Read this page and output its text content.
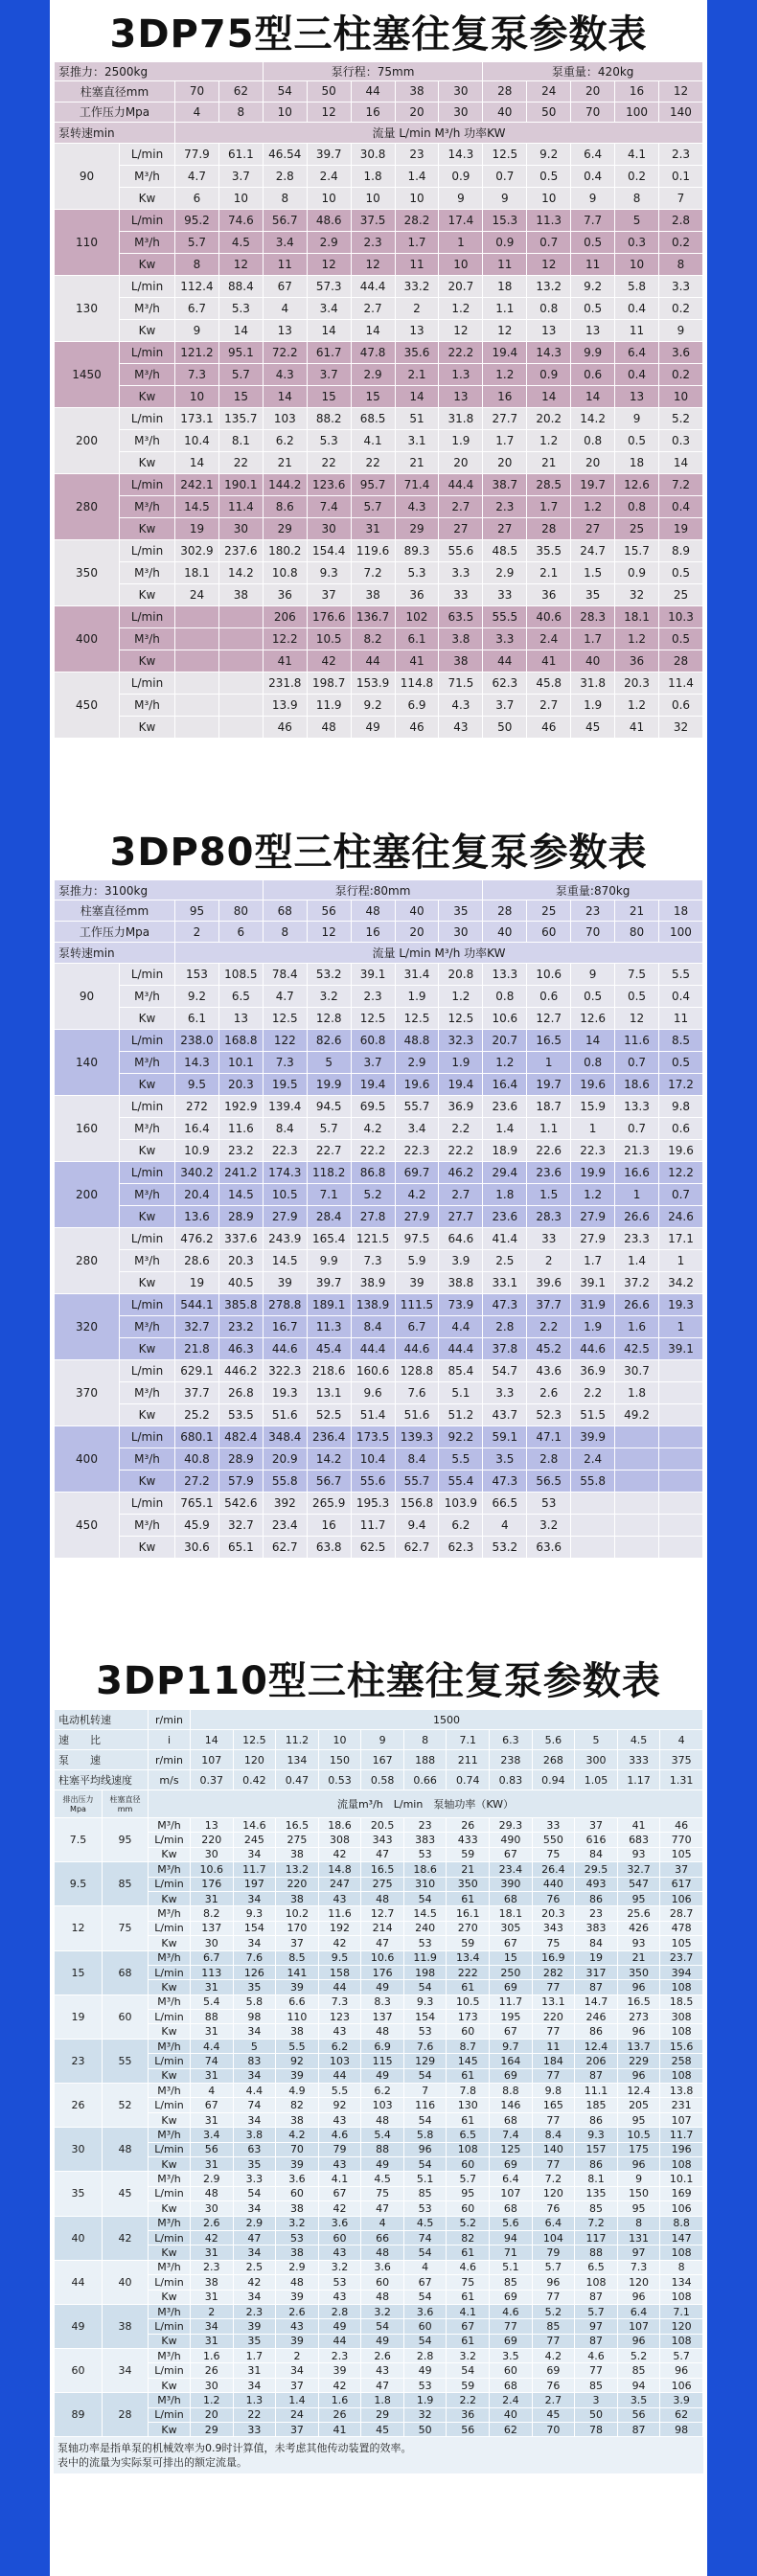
3DP75型三柱塞往复泵参数表
泵推力：2500kg				泵行程：75mm					泵重量：420kg				
柱塞直径mm		70	62	54	50	44	38	30	28	24	20	16	12
工作压力Mpa		4	8	10	12	16	20	30	40	50	70	100	140
泵转速min		流量 L/min M³/h 功率KW											
90	L/min	77.9	61.1	46.54	39.7	30.8	23	14.3	12.5	9.2	6.4	4.1	2.3
	M³/h	4.7	3.7	2.8	2.4	1.8	1.4	0.9	0.7	0.5	0.4	0.2	0.1
	Kw	6	10	8	10	10	10	9	9	10	9	8	7
110	L/min	95.2	74.6	56.7	48.6	37.5	28.2	17.4	15.3	11.3	7.7	5	2.8
	M³/h	5.7	4.5	3.4	2.9	2.3	1.7	1	0.9	0.7	0.5	0.3	0.2
	Kw	8	12	11	12	12	11	10	11	12	11	10	8
130	L/min	112.4	88.4	67	57.3	44.4	33.2	20.7	18	13.2	9.2	5.8	3.3
	M³/h	6.7	5.3	4	3.4	2.7	2	1.2	1.1	0.8	0.5	0.4	0.2
	Kw	9	14	13	14	14	13	12	12	13	13	11	9
1450	L/min	121.2	95.1	72.2	61.7	47.8	35.6	22.2	19.4	14.3	9.9	6.4	3.6
	M³/h	7.3	5.7	4.3	3.7	2.9	2.1	1.3	1.2	0.9	0.6	0.4	0.2
	Kw	10	15	14	15	15	14	13	16	14	14	13	10
200	L/min	173.1	135.7	103	88.2	68.5	51	31.8	27.7	20.2	14.2	9	5.2
	M³/h	10.4	8.1	6.2	5.3	4.1	3.1	1.9	1.7	1.2	0.8	0.5	0.3
	Kw	14	22	21	22	22	21	20	20	21	20	18	14
280	L/min	242.1	190.1	144.2	123.6	95.7	71.4	44.4	38.7	28.5	19.7	12.6	7.2
	M³/h	14.5	11.4	8.6	7.4	5.7	4.3	2.7	2.3	1.7	1.2	0.8	0.4
	Kw	19	30	29	30	31	29	27	27	28	27	25	19
350	L/min	302.9	237.6	180.2	154.4	119.6	89.3	55.6	48.5	35.5	24.7	15.7	8.9
	M³/h	18.1	14.2	10.8	9.3	7.2	5.3	3.3	2.9	2.1	1.5	0.9	0.5
	Kw	24	38	36	37	38	36	33	33	36	35	32	25
400	L/min			206	176.6	136.7	102	63.5	55.5	40.6	28.3	18.1	10.3
	M³/h			12.2	10.5	8.2	6.1	3.8	3.3	2.4	1.7	1.2	0.5
	Kw			41	42	44	41	38	44	41	40	36	28
450	L/min			231.8	198.7	153.9	114.8	71.5	62.3	45.8	31.8	20.3	11.4
	M³/h			13.9	11.9	9.2	6.9	4.3	3.7	2.7	1.9	1.2	0.6
	Kw			46	48	49	46	43	50	46	45	41	32
3DP80型三柱塞往复泵参数表
泵推力：3100kg				泵行程:80mm					泵重量:870kg				
柱塞直径mm		95	80	68	56	48	40	35	28	25	23	21	18
工作压力Mpa		2	6	8	12	16	20	30	40	60	70	80	100
泵转速min		流量 L/min M³/h 功率KW											
90	L/min	153	108.5	78.4	53.2	39.1	31.4	20.8	13.3	10.6	9	7.5	5.5
	M³/h	9.2	6.5	4.7	3.2	2.3	1.9	1.2	0.8	0.6	0.5	0.5	0.4
	Kw	6.1	13	12.5	12.8	12.5	12.5	12.5	10.6	12.7	12.6	12	11
140	L/min	238.0	168.8	122	82.6	60.8	48.8	32.3	20.7	16.5	14	11.6	8.5
	M³/h	14.3	10.1	7.3	5	3.7	2.9	1.9	1.2	1	0.8	0.7	0.5
	Kw	9.5	20.3	19.5	19.9	19.4	19.6	19.4	16.4	19.7	19.6	18.6	17.2
160	L/min	272	192.9	139.4	94.5	69.5	55.7	36.9	23.6	18.7	15.9	13.3	9.8
	M³/h	16.4	11.6	8.4	5.7	4.2	3.4	2.2	1.4	1.1	1	0.7	0.6
	Kw	10.9	23.2	22.3	22.7	22.2	22.3	22.2	18.9	22.6	22.3	21.3	19.6
200	L/min	340.2	241.2	174.3	118.2	86.8	69.7	46.2	29.4	23.6	19.9	16.6	12.2
	M³/h	20.4	14.5	10.5	7.1	5.2	4.2	2.7	1.8	1.5	1.2	1	0.7
	Kw	13.6	28.9	27.9	28.4	27.8	27.9	27.7	23.6	28.3	27.9	26.6	24.6
280	L/min	476.2	337.6	243.9	165.4	121.5	97.5	64.6	41.4	33	27.9	23.3	17.1
	M³/h	28.6	20.3	14.5	9.9	7.3	5.9	3.9	2.5	2	1.7	1.4	1
	Kw	19	40.5	39	39.7	38.9	39	38.8	33.1	39.6	39.1	37.2	34.2
320	L/min	544.1	385.8	278.8	189.1	138.9	111.5	73.9	47.3	37.7	31.9	26.6	19.3
	M³/h	32.7	23.2	16.7	11.3	8.4	6.7	4.4	2.8	2.2	1.9	1.6	1
	Kw	21.8	46.3	44.6	45.4	44.4	44.6	44.4	37.8	45.2	44.6	42.5	39.1
370	L/min	629.1	446.2	322.3	218.6	160.6	128.8	85.4	54.7	43.6	36.9	30.7	
	M³/h	37.7	26.8	19.3	13.1	9.6	7.6	5.1	3.3	2.6	2.2	1.8	
	Kw	25.2	53.5	51.6	52.5	51.4	51.6	51.2	43.7	52.3	51.5	49.2	
400	L/min	680.1	482.4	348.4	236.4	173.5	139.3	92.2	59.1	47.1	39.9		
	M³/h	40.8	28.9	20.9	14.2	10.4	8.4	5.5	3.5	2.8	2.4		
	Kw	27.2	57.9	55.8	56.7	55.6	55.7	55.4	47.3	56.5	55.8		
450	L/min	765.1	542.6	392	265.9	195.3	156.8	103.9	66.5	53			
	M³/h	45.9	32.7	23.4	16	11.7	9.4	6.2	4	3.2			
	Kw	30.6	65.1	62.7	63.8	62.5	62.7	62.3	53.2	63.6			
3DP110型三柱塞往复泵参数表
电动机转速		r/min	1500											
速　　比		i	14	12.5	11.2	10	9	8	7.1	6.3	5.6	5	4.5	4
泵　　速		r/min	107	120	134	150	167	188	211	238	268	300	333	375
柱塞平均线速度		m/s	0.37	0.42	0.47	0.53	0.58	0.66	0.74	0.83	0.94	1.05	1.17	1.31
排出压力 Mpa	柱塞直径 mm	流量m³/h　L/min　泵轴功率（KW）												
7.5	95	M³/h	13	14.6	16.5	18.6	20.5	23	26	29.3	33	37	41	46
		L/min	220	245	275	308	343	383	433	490	550	616	683	770
		Kw	30	34	38	42	47	53	59	67	75	84	93	105
9.5	85	M³/h	10.6	11.7	13.2	14.8	16.5	18.6	21	23.4	26.4	29.5	32.7	37
		L/min	176	197	220	247	275	310	350	390	440	493	547	617
		Kw	31	34	38	43	48	54	61	68	76	86	95	106
12	75	M³/h	8.2	9.3	10.2	11.6	12.7	14.5	16.1	18.1	20.3	23	25.6	28.7
		L/min	137	154	170	192	214	240	270	305	343	383	426	478
		Kw	30	34	37	42	47	53	59	67	75	84	93	105
15	68	M³/h	6.7	7.6	8.5	9.5	10.6	11.9	13.4	15	16.9	19	21	23.7
		L/min	113	126	141	158	176	198	222	250	282	317	350	394
		Kw	31	35	39	44	49	54	61	69	77	87	96	108
19	60	M³/h	5.4	5.8	6.6	7.3	8.3	9.3	10.5	11.7	13.1	14.7	16.5	18.5
		L/min	88	98	110	123	137	154	173	195	220	246	273	308
		Kw	31	34	38	43	48	53	60	67	77	86	96	108
23	55	M³/h	4.4	5	5.5	6.2	6.9	7.6	8.7	9.7	11	12.4	13.7	15.6
		L/min	74	83	92	103	115	129	145	164	184	206	229	258
		Kw	31	34	39	44	49	54	61	69	77	87	96	108
26	52	M³/h	4	4.4	4.9	5.5	6.2	7	7.8	8.8	9.8	11.1	12.4	13.8
		L/min	67	74	82	92	103	116	130	146	165	185	205	231
		Kw	31	34	38	43	48	54	61	68	77	86	95	107
30	48	M³/h	3.4	3.8	4.2	4.6	5.4	5.8	6.5	7.4	8.4	9.3	10.5	11.7
		L/min	56	63	70	79	88	96	108	125	140	157	175	196
		Kw	31	35	39	43	49	54	60	69	77	86	96	108
35	45	M³/h	2.9	3.3	3.6	4.1	4.5	5.1	5.7	6.4	7.2	8.1	9	10.1
		L/min	48	54	60	67	75	85	95	107	120	135	150	169
		Kw	30	34	38	42	47	53	60	68	76	85	95	106
40	42	M³/h	2.6	2.9	3.2	3.6	4	4.5	5.2	5.6	6.4	7.2	8	8.8
		L/min	42	47	53	60	66	74	82	94	104	117	131	147
		Kw	31	34	38	43	48	54	61	71	79	88	97	108
44	40	M³/h	2.3	2.5	2.9	3.2	3.6	4	4.6	5.1	5.7	6.5	7.3	8
		L/min	38	42	48	53	60	67	75	85	96	108	120	134
		Kw	31	34	39	43	48	54	61	69	77	87	96	108
49	38	M³/h	2	2.3	2.6	2.8	3.2	3.6	4.1	4.6	5.2	5.7	6.4	7.1
		L/min	34	39	43	49	54	60	67	77	85	97	107	120
		Kw	31	35	39	44	49	54	61	69	77	87	96	108
60	34	M³/h	1.6	1.7	2	2.3	2.6	2.8	3.2	3.5	4.2	4.6	5.2	5.7
		L/min	26	31	34	39	43	49	54	60	69	77	85	96
		Kw	30	34	37	42	47	53	59	68	76	85	94	106
89	28	M³/h	1.2	1.3	1.4	1.6	1.8	1.9	2.2	2.4	2.7	3	3.5	3.9
		L/min	20	22	24	26	29	32	36	40	45	50	56	62
		Kw	29	33	37	41	45	50	56	62	70	78	87	98
泵轴功率是指单泵的机械效率为0.9时计算值，未考虑其他传动装置的效率。
表中的流量为实际泵可排出的额定流量。
